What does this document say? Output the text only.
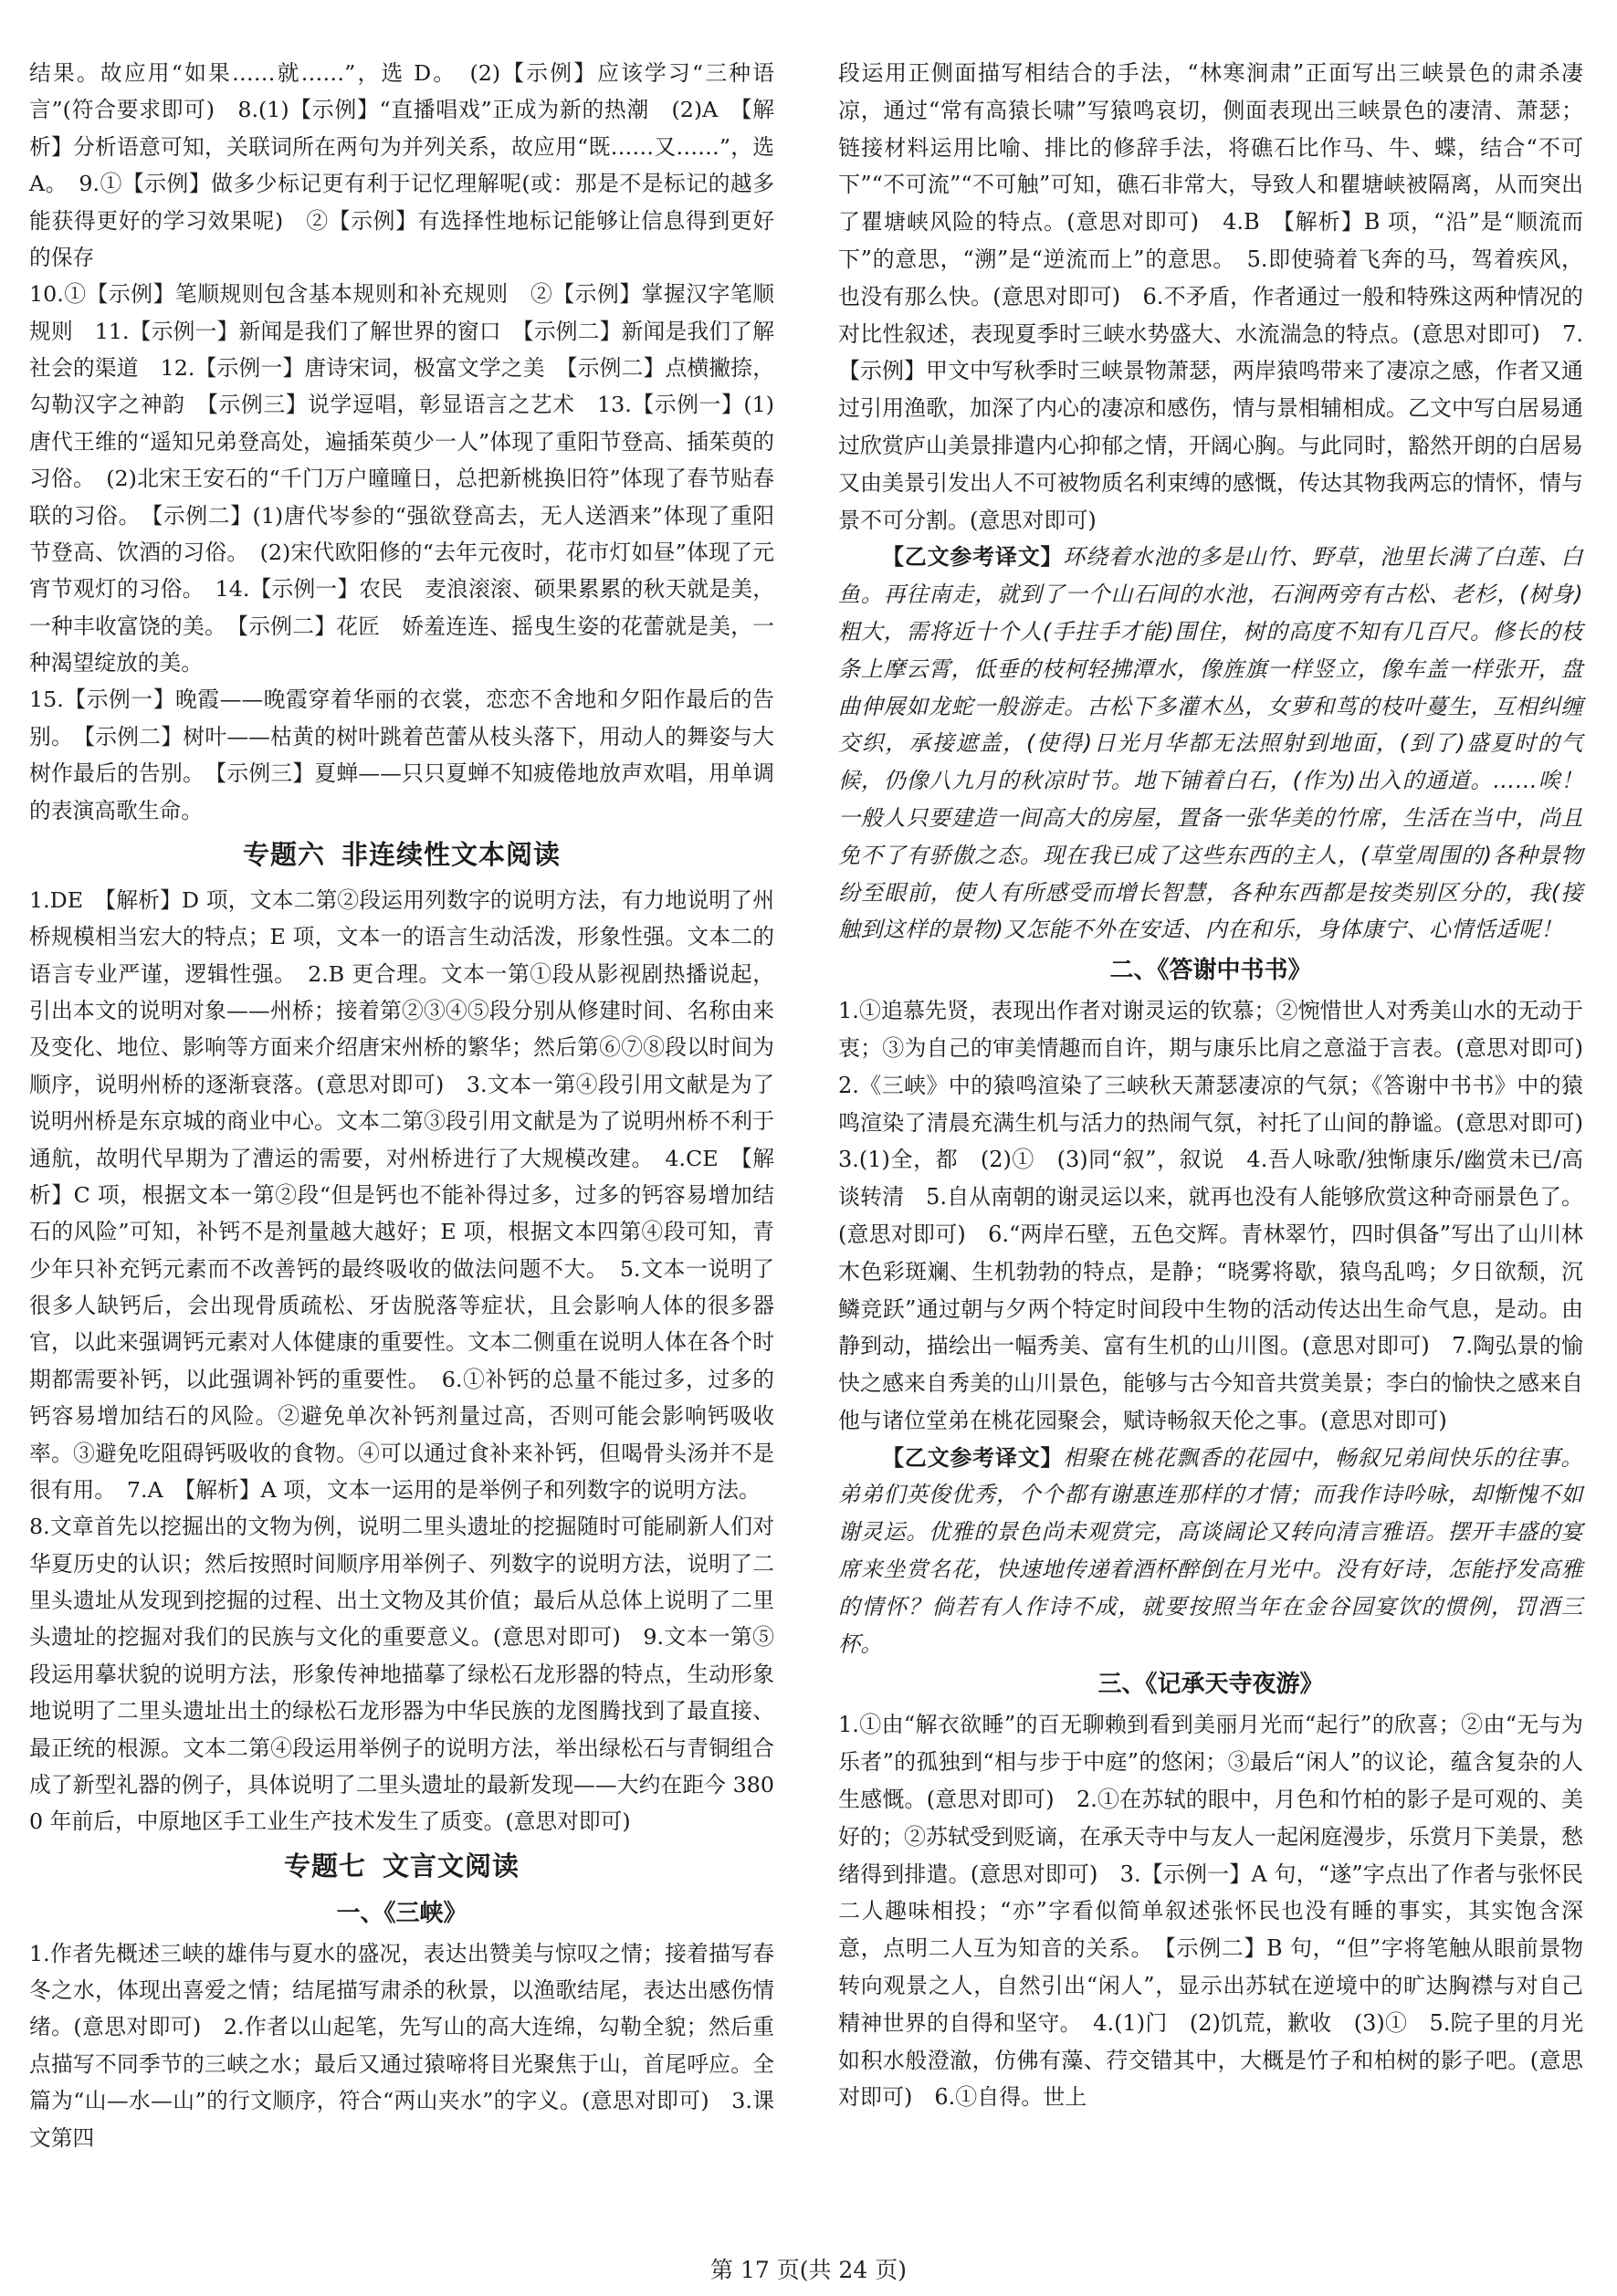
结果。故应用“如果……就……”，选 D。　(2)【示例】应该学习“三种语言”(符合要求即可)　8.(1)【示例】“直播唱戏”正成为新的热潮　(2)A　【解析】分析语意可知，关联词所在两句为并列关系，故应用“既……又……”，选 A。　9.①【示例】做多少标记更有利于记忆理解呢(或：那是不是标记的越多能获得更好的学习效果呢)　②【示例】有选择性地标记能够让信息得到更好的保存

10.①【示例】笔顺规则包含基本规则和补充规则　②【示例】掌握汉字笔顺规则　11.【示例一】新闻是我们了解世界的窗口　【示例二】新闻是我们了解社会的渠道　12.【示例一】唐诗宋词，极富文学之美　【示例二】点横撇捺，勾勒汉字之神韵　【示例三】说学逗唱，彰显语言之艺术　13.【示例一】(1)唐代王维的“遥知兄弟登高处，遍插茱萸少一人”体现了重阳节登高、插茱萸的习俗。　(2)北宋王安石的“千门万户曈曈日，总把新桃换旧符”体现了春节贴春联的习俗。　【示例二】(1)唐代岑参的“强欲登高去，无人送酒来”体现了重阳节登高、饮酒的习俗。　(2)宋代欧阳修的“去年元夜时，花市灯如昼”体现了元宵节观灯的习俗。　14.【示例一】农民　麦浪滚滚、硕果累累的秋天就是美，一种丰收富饶的美。　【示例二】花匠　娇羞连连、摇曳生姿的花蕾就是美，一种渴望绽放的美。

15.【示例一】晚霞——晚霞穿着华丽的衣裳，恋恋不舍地和夕阳作最后的告别。　【示例二】树叶——枯黄的树叶跳着芭蕾从枝头落下，用动人的舞姿与大树作最后的告别。　【示例三】夏蝉——只只夏蝉不知疲倦地放声欢唱，用单调的表演高歌生命。

专题六 非连续性文本阅读

1.DE　【解析】D 项，文本二第②段运用列数字的说明方法，有力地说明了州桥规模相当宏大的特点；E 项，文本一的语言生动活泼，形象性强。文本二的语言专业严谨，逻辑性强。　2.B 更合理。文本一第①段从影视剧热播说起，引出本文的说明对象——州桥；接着第②③④⑤段分别从修建时间、名称由来及变化、地位、影响等方面来介绍唐宋州桥的繁华；然后第⑥⑦⑧段以时间为顺序，说明州桥的逐渐衰落。(意思对即可)　3.文本一第④段引用文献是为了说明州桥是东京城的商业中心。文本二第③段引用文献是为了说明州桥不利于通航，故明代早期为了漕运的需要，对州桥进行了大规模改建。　4.CE　【解析】C 项，根据文本一第②段“但是钙也不能补得过多，过多的钙容易增加结石的风险”可知，补钙不是剂量越大越好；E 项，根据文本四第④段可知，青少年只补充钙元素而不改善钙的最终吸收的做法问题不大。　5.文本一说明了很多人缺钙后，会出现骨质疏松、牙齿脱落等症状，且会影响人体的很多器官，以此来强调钙元素对人体健康的重要性。文本二侧重在说明人体在各个时期都需要补钙，以此强调补钙的重要性。　6.①补钙的总量不能过多，过多的钙容易增加结石的风险。②避免单次补钙剂量过高，否则可能会影响钙吸收率。③避免吃阻碍钙吸收的食物。④可以通过食补来补钙，但喝骨头汤并不是很有用。　7.A　【解析】A 项，文本一运用的是举例子和列数字的说明方法。

8.文章首先以挖掘出的文物为例，说明二里头遗址的挖掘随时可能刷新人们对华夏历史的认识；然后按照时间顺序用举例子、列数字的说明方法，说明了二里头遗址从发现到挖掘的过程、出土文物及其价值；最后从总体上说明了二里头遗址的挖掘对我们的民族与文化的重要意义。(意思对即可)　9.文本一第⑤段运用摹状貌的说明方法，形象传神地描摹了绿松石龙形器的特点，生动形象地说明了二里头遗址出土的绿松石龙形器为中华民族的龙图腾找到了最直接、最正统的根源。文本二第④段运用举例子的说明方法，举出绿松石与青铜组合成了新型礼器的例子，具体说明了二里头遗址的最新发现——大约在距今 3800 年前后，中原地区手工业生产技术发生了质变。(意思对即可)

专题七 文言文阅读
一、《三峡》

1.作者先概述三峡的雄伟与夏水的盛况，表达出赞美与惊叹之情；接着描写春冬之水，体现出喜爱之情；结尾描写肃杀的秋景，以渔歌结尾，表达出感伤情绪。(意思对即可)　2.作者以山起笔，先写山的高大连绵，勾勒全貌；然后重点描写不同季节的三峡之水；最后又通过猿啼将目光聚焦于山，首尾呼应。全篇为“山—水—山”的行文顺序，符合“两山夹水”的字义。(意思对即可)　3.课文第四

段运用正侧面描写相结合的手法，“林寒涧肃”正面写出三峡景色的肃杀凄凉，通过“常有高猿长啸”写猿鸣哀切，侧面表现出三峡景色的凄清、萧瑟；链接材料运用比喻、排比的修辞手法，将礁石比作马、牛、蝶，结合“不可下”“不可流”“不可触”可知，礁石非常大，导致人和瞿塘峡被隔离，从而突出了瞿塘峡风险的特点。(意思对即可)　4.B　【解析】B 项，“沿”是“顺流而下”的意思，“溯”是“逆流而上”的意思。　5.即使骑着飞奔的马，驾着疾风，也没有那么快。(意思对即可)　6.不矛盾，作者通过一般和特殊这两种情况的对比性叙述，表现夏季时三峡水势盛大、水流湍急的特点。(意思对即可)　7.【示例】甲文中写秋季时三峡景物萧瑟，两岸猿鸣带来了凄凉之感，作者又通过引用渔歌，加深了内心的凄凉和感伤，情与景相辅相成。乙文中写白居易通过欣赏庐山美景排遣内心抑郁之情，开阔心胸。与此同时，豁然开朗的白居易又由美景引发出人不可被物质名利束缚的感慨，传达其物我两忘的情怀，情与景不可分割。(意思对即可)

【乙文参考译文】环绕着水池的多是山竹、野草，池里长满了白莲、白鱼。再往南走，就到了一个山石间的水池，石涧两旁有古松、老杉，(树身)粗大，需将近十个人(手拄手才能)围住，树的高度不知有几百尺。修长的枝条上摩云霄，低垂的枝柯轻拂潭水，像旌旗一样竖立，像车盖一样张开，盘曲伸展如龙蛇一般游走。古松下多灌木丛，女萝和茑的枝叶蔓生，互相纠缠交织，承接遮盖，(使得)日光月华都无法照射到地面，(到了)盛夏时的气候，仍像八九月的秋凉时节。地下铺着白石，(作为)出入的通道。……唉！一般人只要建造一间高大的房屋，置备一张华美的竹席，生活在当中，尚且免不了有骄傲之态。现在我已成了这些东西的主人，(草堂周围的)各种景物纷至眼前，使人有所感受而增长智慧，各种东西都是按类别区分的，我(接触到这样的景物)又怎能不外在安适、内在和乐，身体康宁、心情恬适呢！

二、《答谢中书书》

1.①追慕先贤，表现出作者对谢灵运的钦慕；②惋惜世人对秀美山水的无动于衷；③为自己的审美情趣而自许，期与康乐比肩之意溢于言表。(意思对即可)　2.《三峡》中的猿鸣渲染了三峡秋天萧瑟凄凉的气氛；《答谢中书书》中的猿鸣渲染了清晨充满生机与活力的热闹气氛，衬托了山间的静谧。(意思对即可)　3.(1)全，都　(2)①　(3)同“叙”，叙说　4.吾人咏歌/独惭康乐/幽赏未已/高谈转清　5.自从南朝的谢灵运以来，就再也没有人能够欣赏这种奇丽景色了。(意思对即可)　6.“两岸石壁，五色交辉。青林翠竹，四时俱备”写出了山川林木色彩斑斓、生机勃勃的特点，是静；“晓雾将歇，猿鸟乱鸣；夕日欲颓，沉鳞竞跃”通过朝与夕两个特定时间段中生物的活动传达出生命气息，是动。由静到动，描绘出一幅秀美、富有生机的山川图。(意思对即可)　7.陶弘景的愉快之感来自秀美的山川景色，能够与古今知音共赏美景；李白的愉快之感来自他与诸位堂弟在桃花园聚会，赋诗畅叙天伦之事。(意思对即可)

【乙文参考译文】相聚在桃花飘香的花园中，畅叙兄弟间快乐的往事。弟弟们英俊优秀，个个都有谢惠连那样的才情；而我作诗吟咏，却惭愧不如谢灵运。优雅的景色尚未观赏完，高谈阔论又转向清言雅语。摆开丰盛的宴席来坐赏名花，快速地传递着酒杯醉倒在月光中。没有好诗，怎能抒发高雅的情怀？倘若有人作诗不成，就要按照当年在金谷园宴饮的惯例，罚酒三杯。

三、《记承天寺夜游》

1.①由“解衣欲睡”的百无聊赖到看到美丽月光而“起行”的欣喜；②由“无与为乐者”的孤独到“相与步于中庭”的悠闲；③最后“闲人”的议论，蕴含复杂的人生感慨。(意思对即可)　2.①在苏轼的眼中，月色和竹柏的影子是可观的、美好的；②苏轼受到贬谪，在承天寺中与友人一起闲庭漫步，乐赏月下美景，愁绪得到排遣。(意思对即可)　3.【示例一】A 句，“遂”字点出了作者与张怀民二人趣味相投；“亦”字看似简单叙述张怀民也没有睡的事实，其实饱含深意，点明二人互为知音的关系。　【示例二】B 句，“但”字将笔触从眼前景物转向观景之人，自然引出“闲人”，显示出苏轼在逆境中的旷达胸襟与对自己精神世界的自得和坚守。　4.(1)门　(2)饥荒，歉收　(3)①　5.院子里的月光如积水般澄澈，仿佛有藻、荇交错其中，大概是竹子和柏树的影子吧。(意思对即可)　6.①自得。世上

第 17 页(共 24 页)
